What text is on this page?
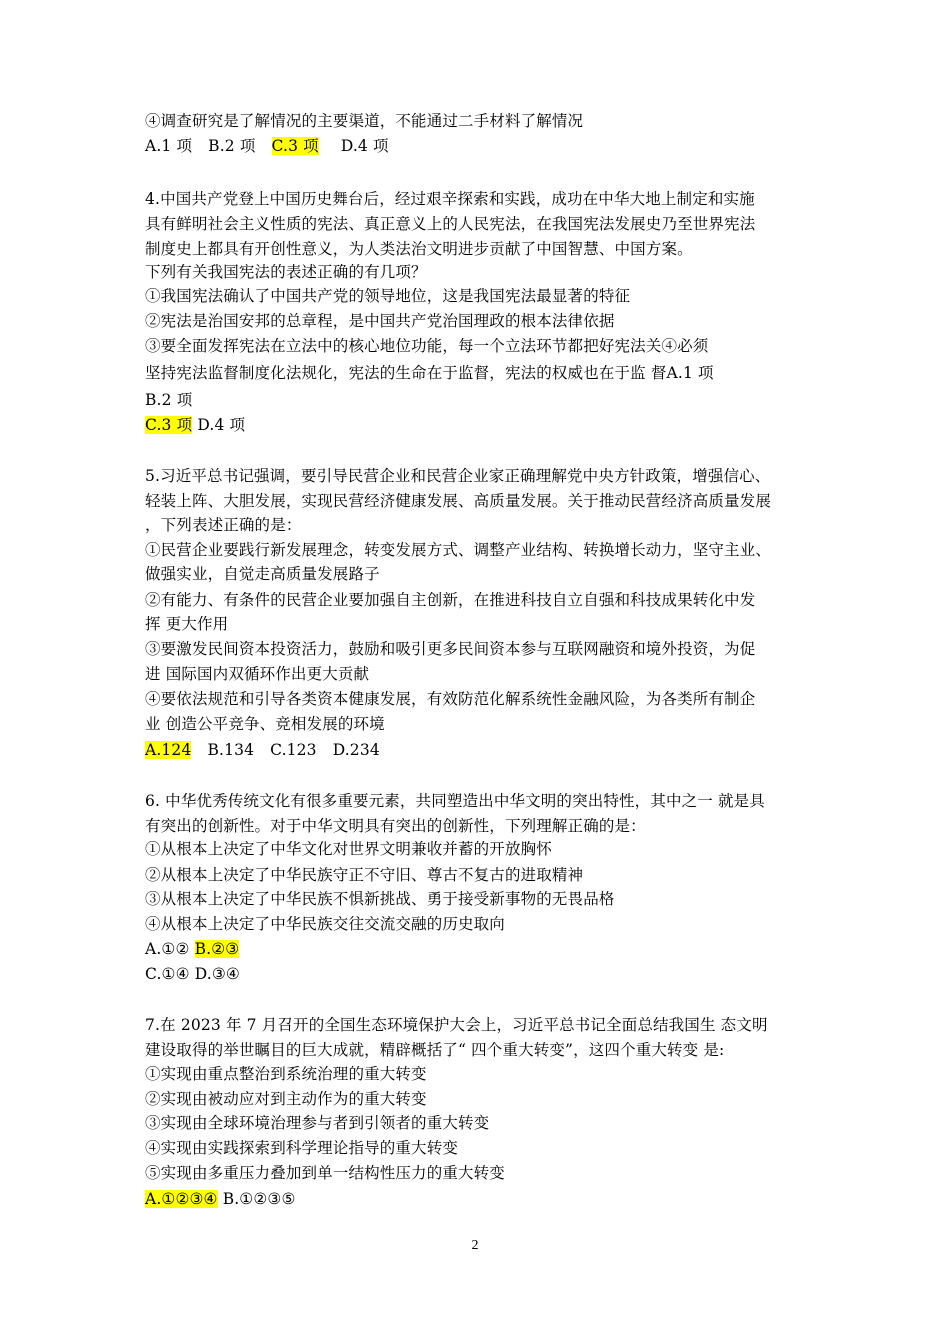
④调查研究是了解情况的主要渠道，不能通过二手材料了解情况
A.1 项 B.2 项 C.3 项 D.4 项
4.中国共产党登上中国历史舞台后，经过艰辛探索和实践，成功在中华大地上制定和实施
具有鲜明社会主义性质的宪法、真正意义上的人民宪法，在我国宪法发展史乃至世界宪法
制度史上都具有开创性意义，为人类法治文明进步贡献了中国智慧、中国方案。
下列有关我国宪法的表述正确的有几项？
①我国宪法确认了中国共产党的领导地位，这是我国宪法最显著的特征
②宪法是治国安邦的总章程，是中国共产党治国理政的根本法律依据
③要全面发挥宪法在立法中的核心地位功能，每一个立法环节都把好宪法关④必须
坚持宪法监督制度化法规化，宪法的生命在于监督，宪法的权威也在于监 督A.1 项
B.2 项
C.3 项 D.4 项
5.习近平总书记强调，要引导民营企业和民营企业家正确理解党中央方针政策，增强信心、
轻装上阵、大胆发展，实现民营经济健康发展、高质量发展。关于推动民营经济高质量发展
，下列表述正确的是：
①民营企业要践行新发展理念，转变发展方式、调整产业结构、转换增长动力，坚守主业、
做强实业，自觉走高质量发展路子
②有能力、有条件的民营企业要加强自主创新，在推进科技自立自强和科技成果转化中发
挥 更大作用
③要激发民间资本投资活力，鼓励和吸引更多民间资本参与互联网融资和境外投资，为促
进 国际国内双循环作出更大贡献
④要依法规范和引导各类资本健康发展，有效防范化解系统性金融风险，为各类所有制企
业 创造公平竞争、竞相发展的环境
A.124 B.134 C.123 D.234
6. 中华优秀传统文化有很多重要元素，共同塑造出中华文明的突出特性，其中之一 就是具
有突出的创新性。对于中华文明具有突出的创新性，下列理解正确的是：
①从根本上决定了中华文化对世界文明兼收并蓄的开放胸怀
②从根本上决定了中华民族守正不守旧、尊古不复古的进取精神
③从根本上决定了中华民族不惧新挑战、勇于接受新事物的无畏品格
④从根本上决定了中华民族交往交流交融的历史取向
A.①② B.②③
C.①④ D.③④
7.在 2023 年 7 月召开的全国生态环境保护大会上，习近平总书记全面总结我国生 态文明
建设取得的举世瞩目的巨大成就，精辟概括了“ 四个重大转变”，这四个重大转变 是:
①实现由重点整治到系统治理的重大转变
②实现由被动应对到主动作为的重大转变
③实现由全球环境治理参与者到引领者的重大转变
④实现由实践探索到科学理论指导的重大转变
⑤实现由多重压力叠加到单一结构性压力的重大转变
A.①②③④ B.①②③⑤
2
